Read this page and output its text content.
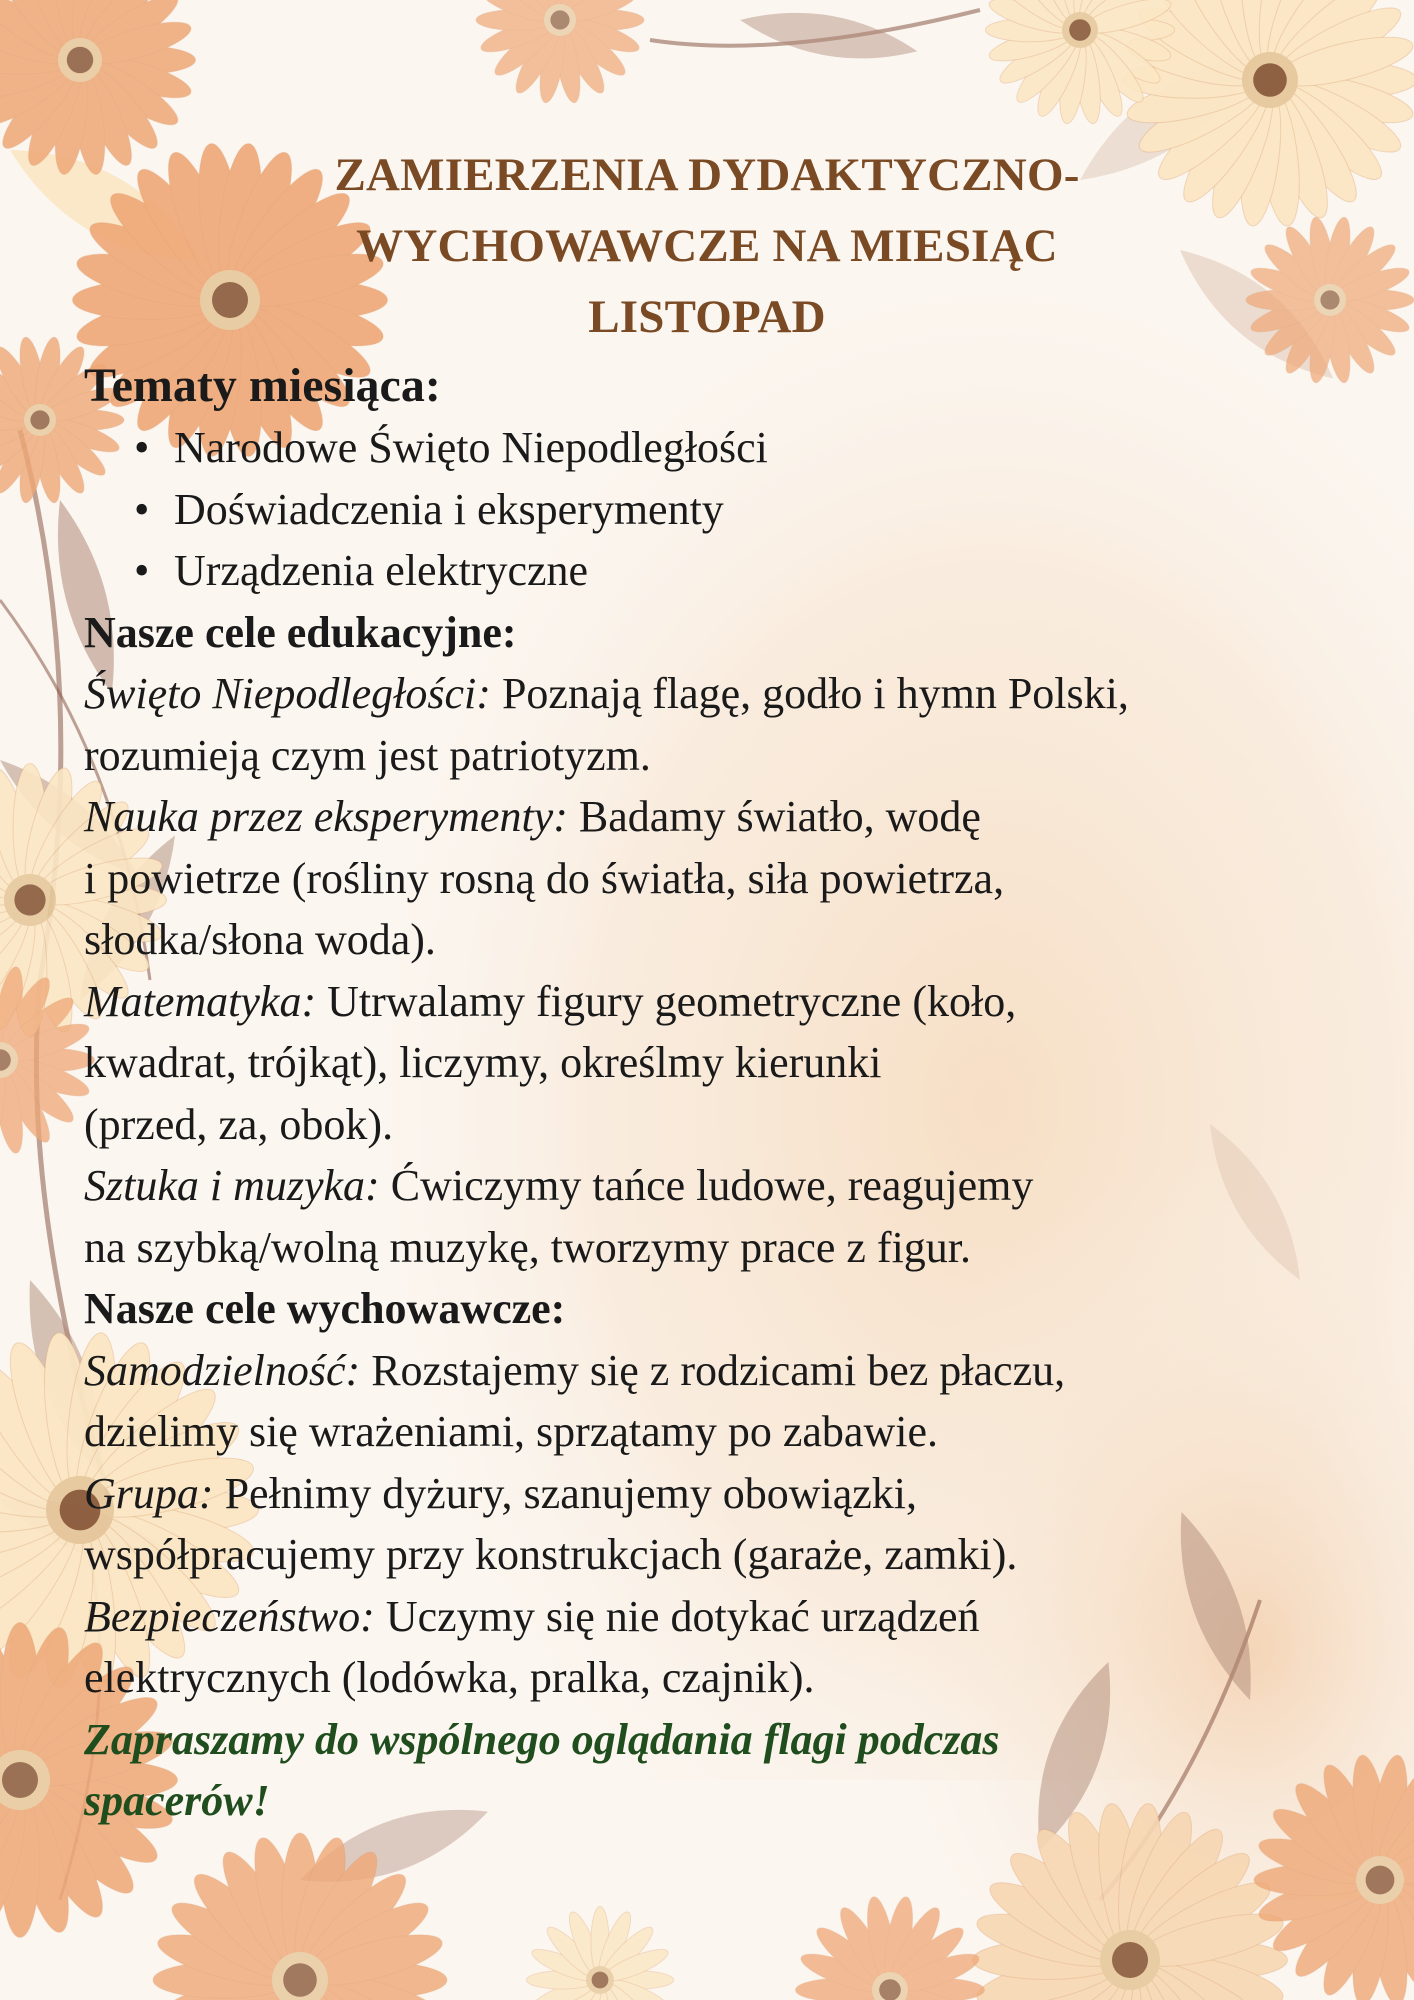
ZAMIERZENIA DYDAKTYCZNO-
WYCHOWAWCZE NA MIESIĄC
LISTOPAD
Tematy miesiąca:
• Narodowe Święto Niepodległości
• Doświadczenia i eksperymenty
• Urządzenia elektryczne
Nasze cele edukacyjne:
Święto Niepodległości: Poznają flagę, godło i hymn Polski,
rozumieją czym jest patriotyzm.
Nauka przez eksperymenty: Badamy światło, wodę
i powietrze (rośliny rosną do światła, siła powietrza,
słodka/słona woda).
Matematyka: Utrwalamy figury geometryczne (koło,
kwadrat, trójkąt), liczymy, określmy kierunki
(przed, za, obok).
Sztuka i muzyka: Ćwiczymy tańce ludowe, reagujemy
na szybką/wolną muzykę, tworzymy prace z figur.
Nasze cele wychowawcze:
Samodzielność: Rozstajemy się z rodzicami bez płaczu,
dzielimy się wrażeniami, sprzątamy po zabawie.
Grupa: Pełnimy dyżury, szanujemy obowiązki,
współpracujemy przy konstrukcjach (garaże, zamki).
Bezpieczeństwo: Uczymy się nie dotykać urządzeń
elektrycznych (lodówka, pralka, czajnik).
Zapraszamy do wspólnego oglądania flagi podczas
spacerów!
